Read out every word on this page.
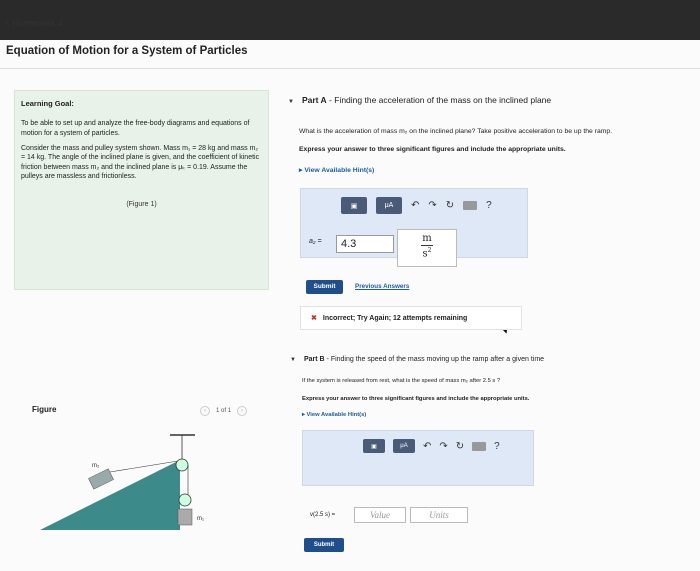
‹ Homework 4
Equation of Motion for a System of Particles
Learning Goal:

To be able to set up and analyze the free-body diagrams and equations of motion for a system of particles.

Consider the mass and pulley system shown. Mass m₁ = 28 kg and mass m₂ = 14 kg. The angle of the inclined plane is given, and the coefficient of kinetic friction between mass m₂ and the inclined plane is μₖ = 0.19. Assume the pulleys are massless and frictionless.

(Figure 1)
▼ Part A - Finding the acceleration of the mass on the inclined plane
What is the acceleration of mass m₂ on the inclined plane? Take positive acceleration to be up the ramp.
Express your answer to three significant figures and include the appropriate units.
▸ View Available Hint(s)
▣	μA	↶ ↷ ↻	?
a₂ =	4.3	m
$s^2$
Submit	Previous Answers
✖ Incorrect; Try Again; 12 attempts remaining
▼ Part B - Finding the speed of the mass moving up the ramp after a given time
If the system is released from rest, what is the speed of mass m₂ after 2.5 s ?
Express your answer to three significant figures and include the appropriate units.
▸ View Available Hint(s)
▣	μA	↶ ↷ ↻	?
v(2.5 s) =	Value	Units
Submit
Figure	‹	1 of 1	›
m₂
m₁
